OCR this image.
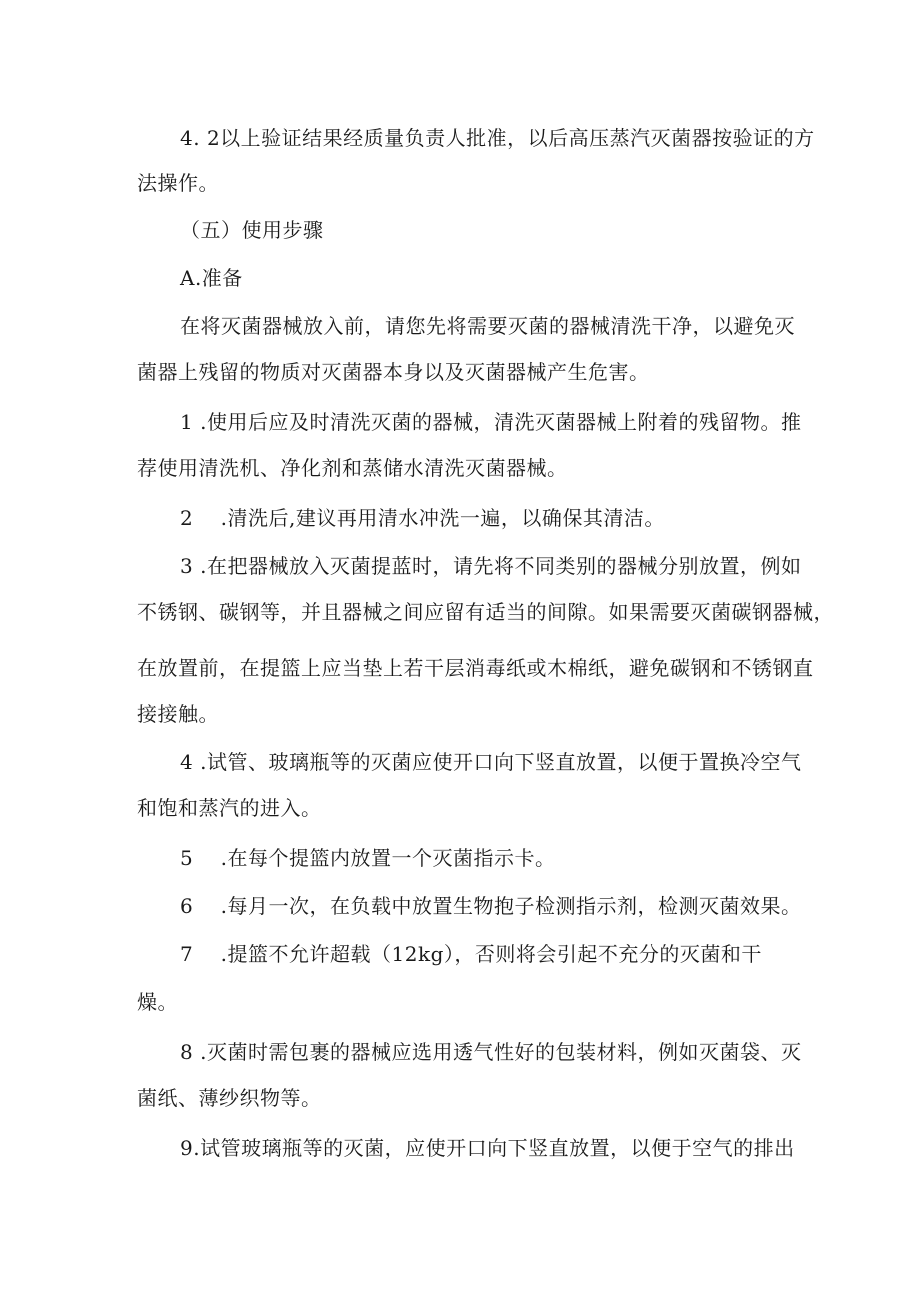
4. 2以上验证结果经质量负责人批准，以后高压蒸汽灭菌器按验证的方
法操作。
（五）使用步骤
A.准备
在将灭菌器械放入前，请您先将需要灭菌的器械清洗干净，以避免灭
菌器上残留的物质对灭菌器本身以及灭菌器械产生危害。
1 .使用后应及时清洗灭菌的器械，清洗灭菌器械上附着的残留物。推
荐使用清洗机、净化剂和蒸储水清洗灭菌器械。
2    .清洗后,建议再用清水冲洗一遍，以确保其清洁。
3 .在把器械放入灭菌提蓝时，请先将不同类别的器械分别放置，例如
不锈钢、碳钢等，并且器械之间应留有适当的间隙。如果需要灭菌碳钢器械，
在放置前，在提篮上应当垫上若干层消毒纸或木棉纸，避免碳钢和不锈钢直
接接触。
4 .试管、玻璃瓶等的灭菌应使开口向下竖直放置，以便于置换冷空气
和饱和蒸汽的进入。
5    .在每个提篮内放置一个灭菌指示卡。
6    .每月一次，在负载中放置生物抱子检测指示剂，检测灭菌效果。
7    .提篮不允许超载（12kg），否则将会引起不充分的灭菌和干
燥。
8 .灭菌时需包裹的器械应选用透气性好的包装材料，例如灭菌袋、灭
菌纸、薄纱织物等。
9.试管玻璃瓶等的灭菌，应使开口向下竖直放置，以便于空气的排出
